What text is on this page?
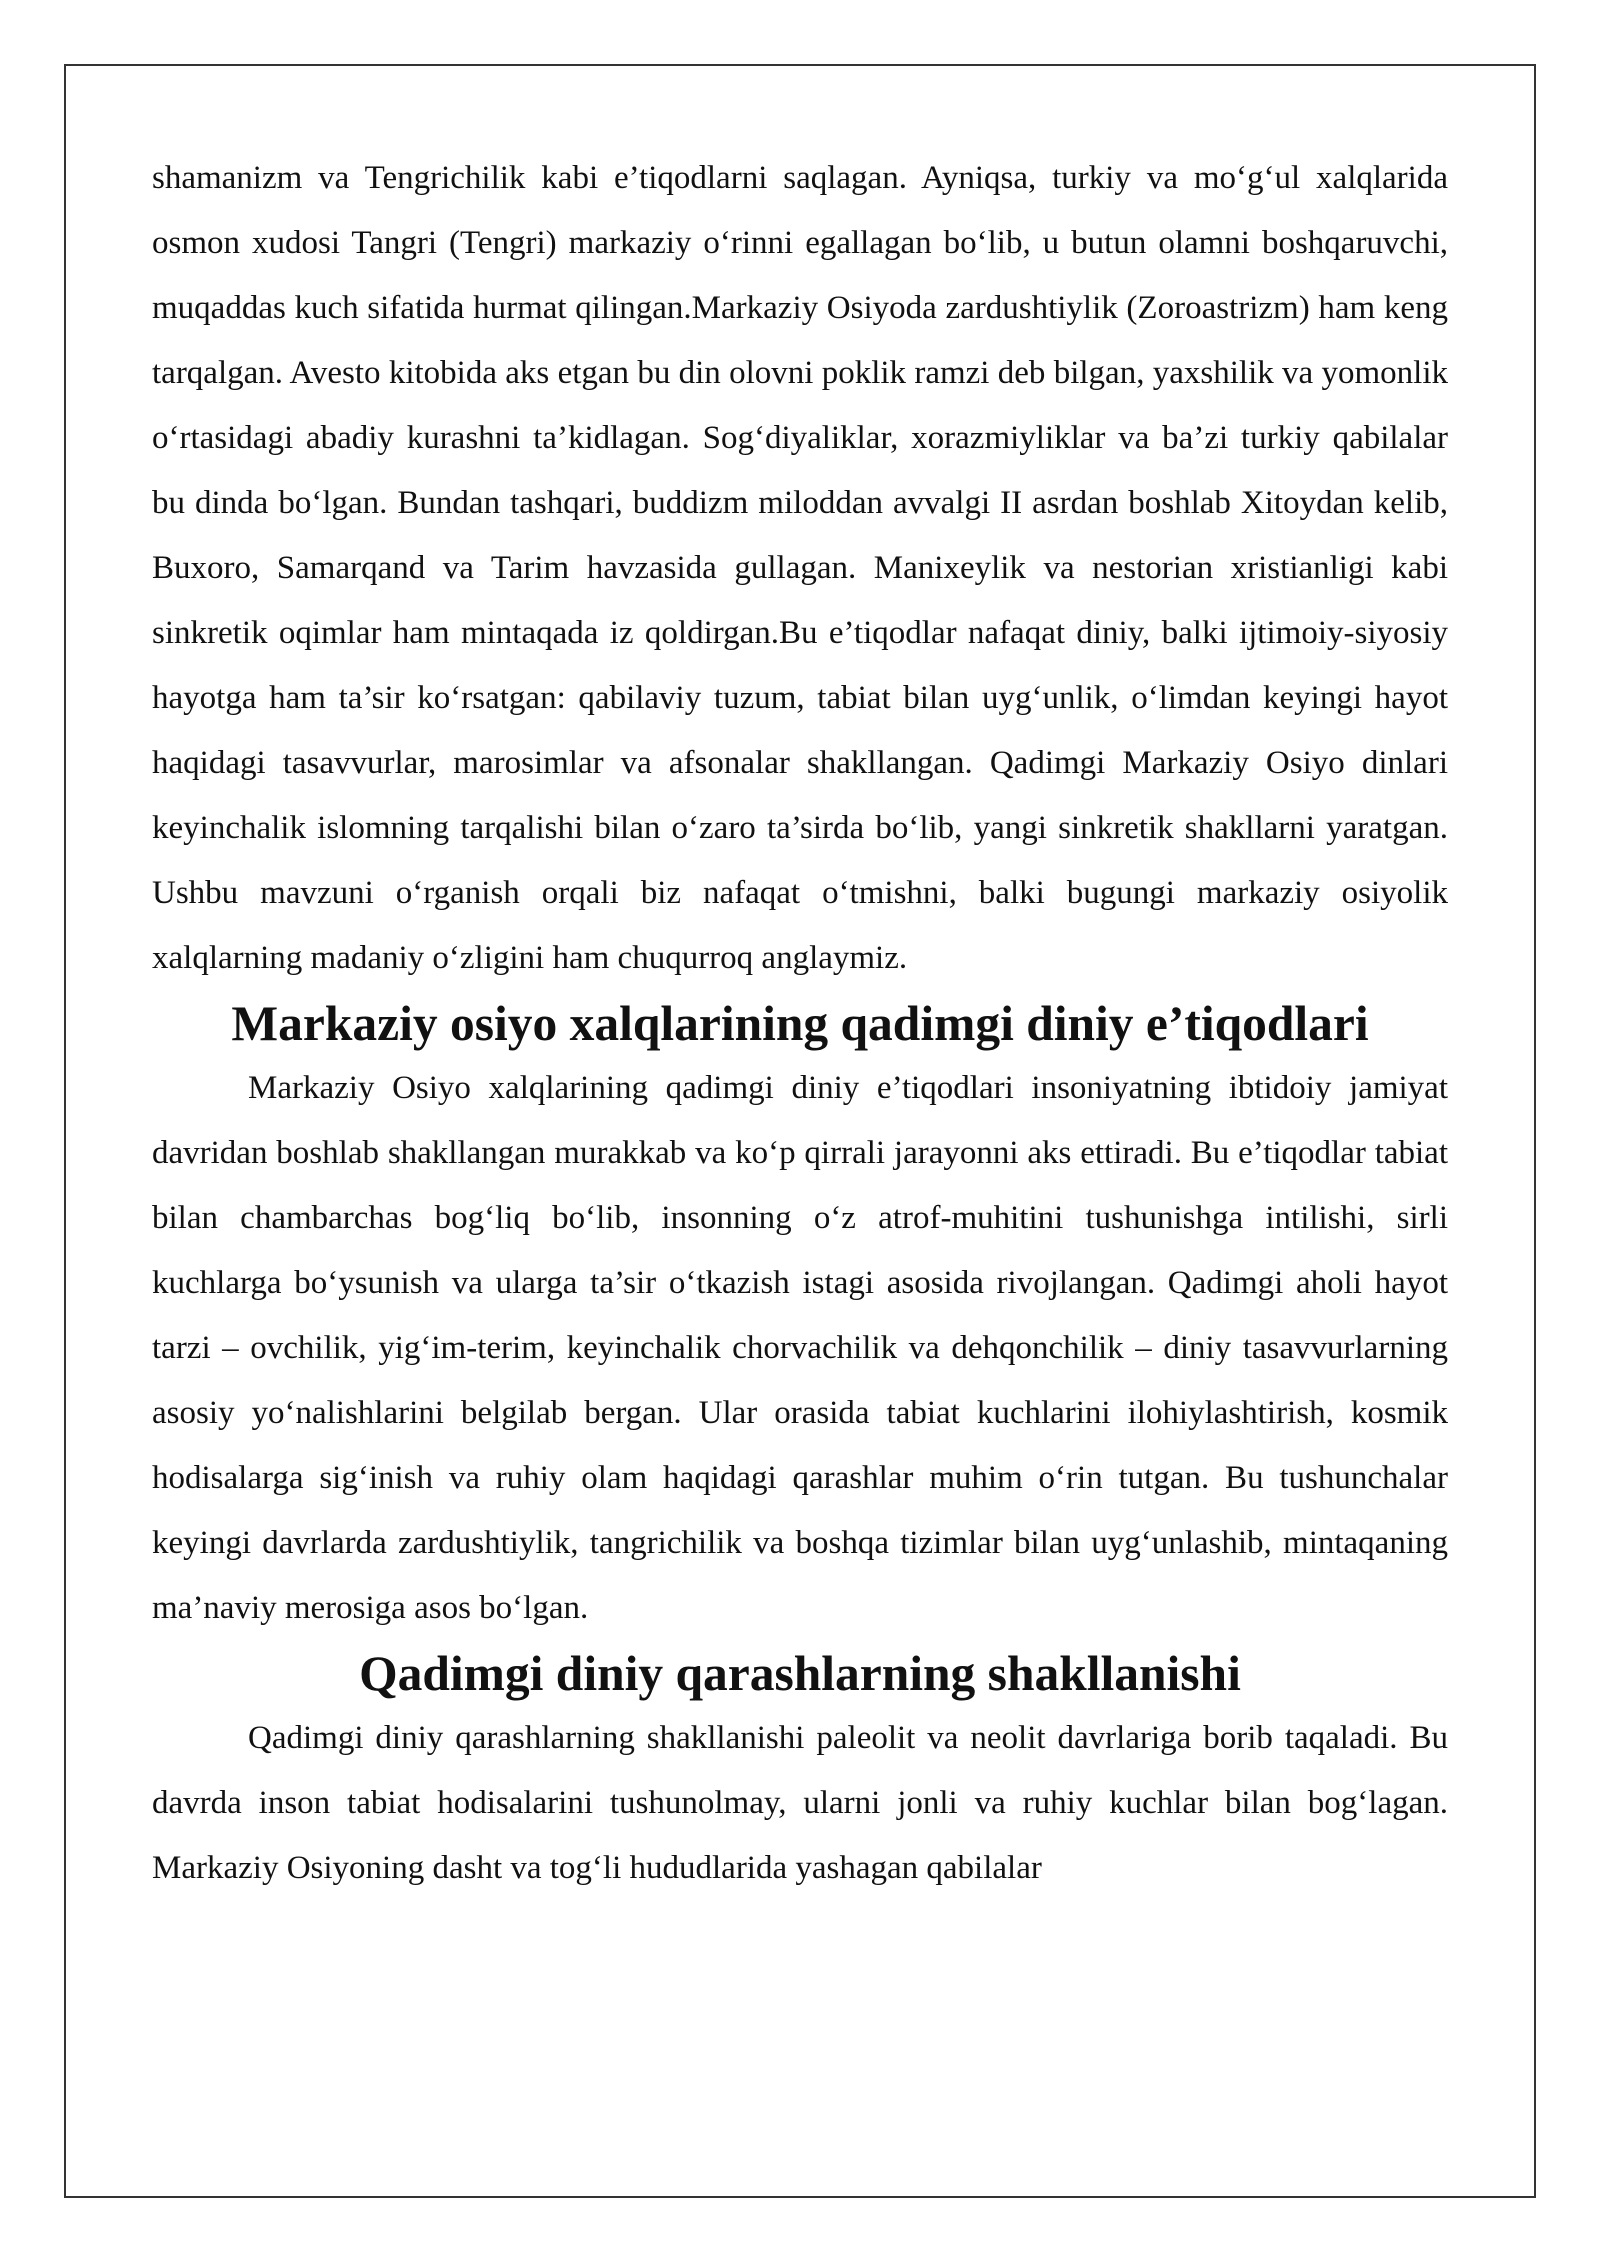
shamanizm va Tengrichilik kabi e’tiqodlarni saqlagan. Ayniqsa, turkiy va mo‘g‘ul xalqlarida osmon xudosi Tangri (Tengri) markaziy o‘rinni egallagan bo‘lib, u butun olamni boshqaruvchi, muqaddas kuch sifatida hurmat qilingan.Markaziy Osiyoda zardushtiylik (Zoroastrizm) ham keng tarqalgan. Avesto kitobida aks etgan bu din olovni poklik ramzi deb bilgan, yaxshilik va yomonlik o‘rtasidagi abadiy kurashni ta’kidlagan. Sog‘diyaliklar, xorazmiyliklar va ba’zi turkiy qabilalar bu dinda bo‘lgan. Bundan tashqari, buddizm miloddan avvalgi II asrdan boshlab Xitoydan kelib, Buxoro, Samarqand va Tarim havzasida gullagan. Manixeylik va nestorian xristianligi kabi sinkretik oqimlar ham mintaqada iz qoldirgan.Bu e’tiqodlar nafaqat diniy, balki ijtimoiy-siyosiy hayotga ham ta’sir ko‘rsatgan: qabilaviy tuzum, tabiat bilan uyg‘unlik, o‘limdan keyingi hayot haqidagi tasavvurlar, marosimlar va afsonalar shakllangan. Qadimgi Markaziy Osiyo dinlari keyinchalik islomning tarqalishi bilan o‘zaro ta’sirda bo‘lib, yangi sinkretik shakllarni yaratgan. Ushbu mavzuni o‘rganish orqali biz nafaqat o‘tmishni, balki bugungi markaziy osiyolik xalqlarning madaniy o‘zligini ham chuqurroq anglaymiz.

Markaziy osiyo xalqlarining qadimgi diniy e’tiqodlari

Markaziy Osiyo xalqlarining qadimgi diniy e’tiqodlari insoniyatning ibtidoiy jamiyat davridan boshlab shakllangan murakkab va ko‘p qirrali jarayonni aks ettiradi. Bu e’tiqodlar tabiat bilan chambarchas bog‘liq bo‘lib, insonning o‘z atrof-muhitini tushunishga intilishi, sirli kuchlarga bo‘ysunish va ularga ta’sir o‘tkazish istagi asosida rivojlangan. Qadimgi aholi hayot tarzi – ovchilik, yig‘im-terim, keyinchalik chorvachilik va dehqonchilik – diniy tasavvurlarning asosiy yo‘nalishlarini belgilab bergan. Ular orasida tabiat kuchlarini ilohiylashtirish, kosmik hodisalarga sig‘inish va ruhiy olam haqidagi qarashlar muhim o‘rin tutgan. Bu tushunchalar keyingi davrlarda zardushtiylik, tangrichilik va boshqa tizimlar bilan uyg‘unlashib, mintaqaning ma’naviy merosiga asos bo‘lgan.

Qadimgi diniy qarashlarning shakllanishi

Qadimgi diniy qarashlarning shakllanishi paleolit va neolit davrlariga borib taqaladi. Bu davrda inson tabiat hodisalarini tushunolmay, ularni jonli va ruhiy kuchlar bilan bog‘lagan. Markaziy Osiyoning dasht va tog‘li hududlarida yashagan qabilalar
